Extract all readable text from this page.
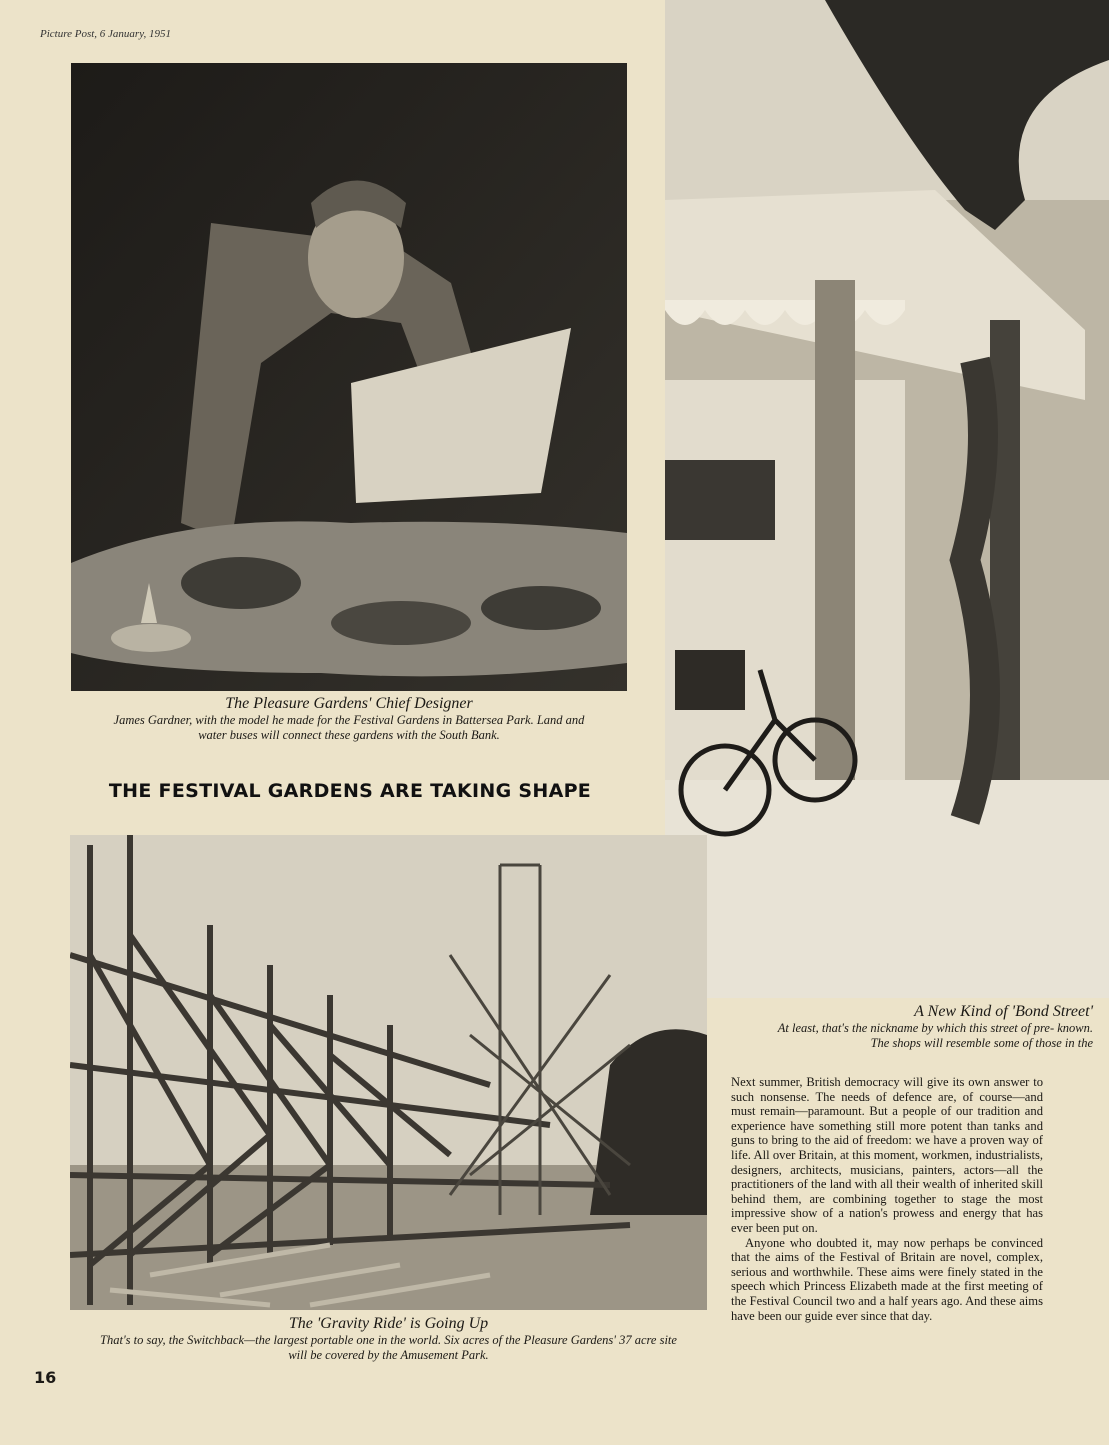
Picture Post, 6 January, 1951

The Pleasure Gardens' Chief Designer

James Gardner, with the model he made for the Festival Gardens in Battersea Park. Land and water buses will connect these gardens with the South Bank.

THE FESTIVAL GARDENS ARE TAKING SHAPE

A New Kind of 'Bond Street'

At least, that's the nickname by which this street of pre- known. The shops will resemble some of those in the

The 'Gravity Ride' is Going Up

That's to say, the Switchback—the largest portable one in the world. Six acres of the Pleasure Gardens' 37 acre site will be covered by the Amusement Park.

Next summer, British democracy will give its own answer to such nonsense. The needs of defence are, of course—and must remain—paramount. But a people of our tradition and experience have something still more potent than tanks and guns to bring to the aid of freedom: we have a proven way of life. All over Britain, at this moment, workmen, industrialists, designers, architects, musicians, painters, actors—all the practitioners of the land with all their wealth of inherited skill behind them, are combining together to stage the most impressive show of a nation's prowess and energy that has ever been put on.

Anyone who doubted it, may now perhaps be convinced that the aims of the Festival of Britain are novel, complex, serious and worthwhile. These aims were finely stated in the speech which Princess Elizabeth made at the first meeting of the Festival Council two and a half years ago. And these aims have been our guide ever since that day.

16
